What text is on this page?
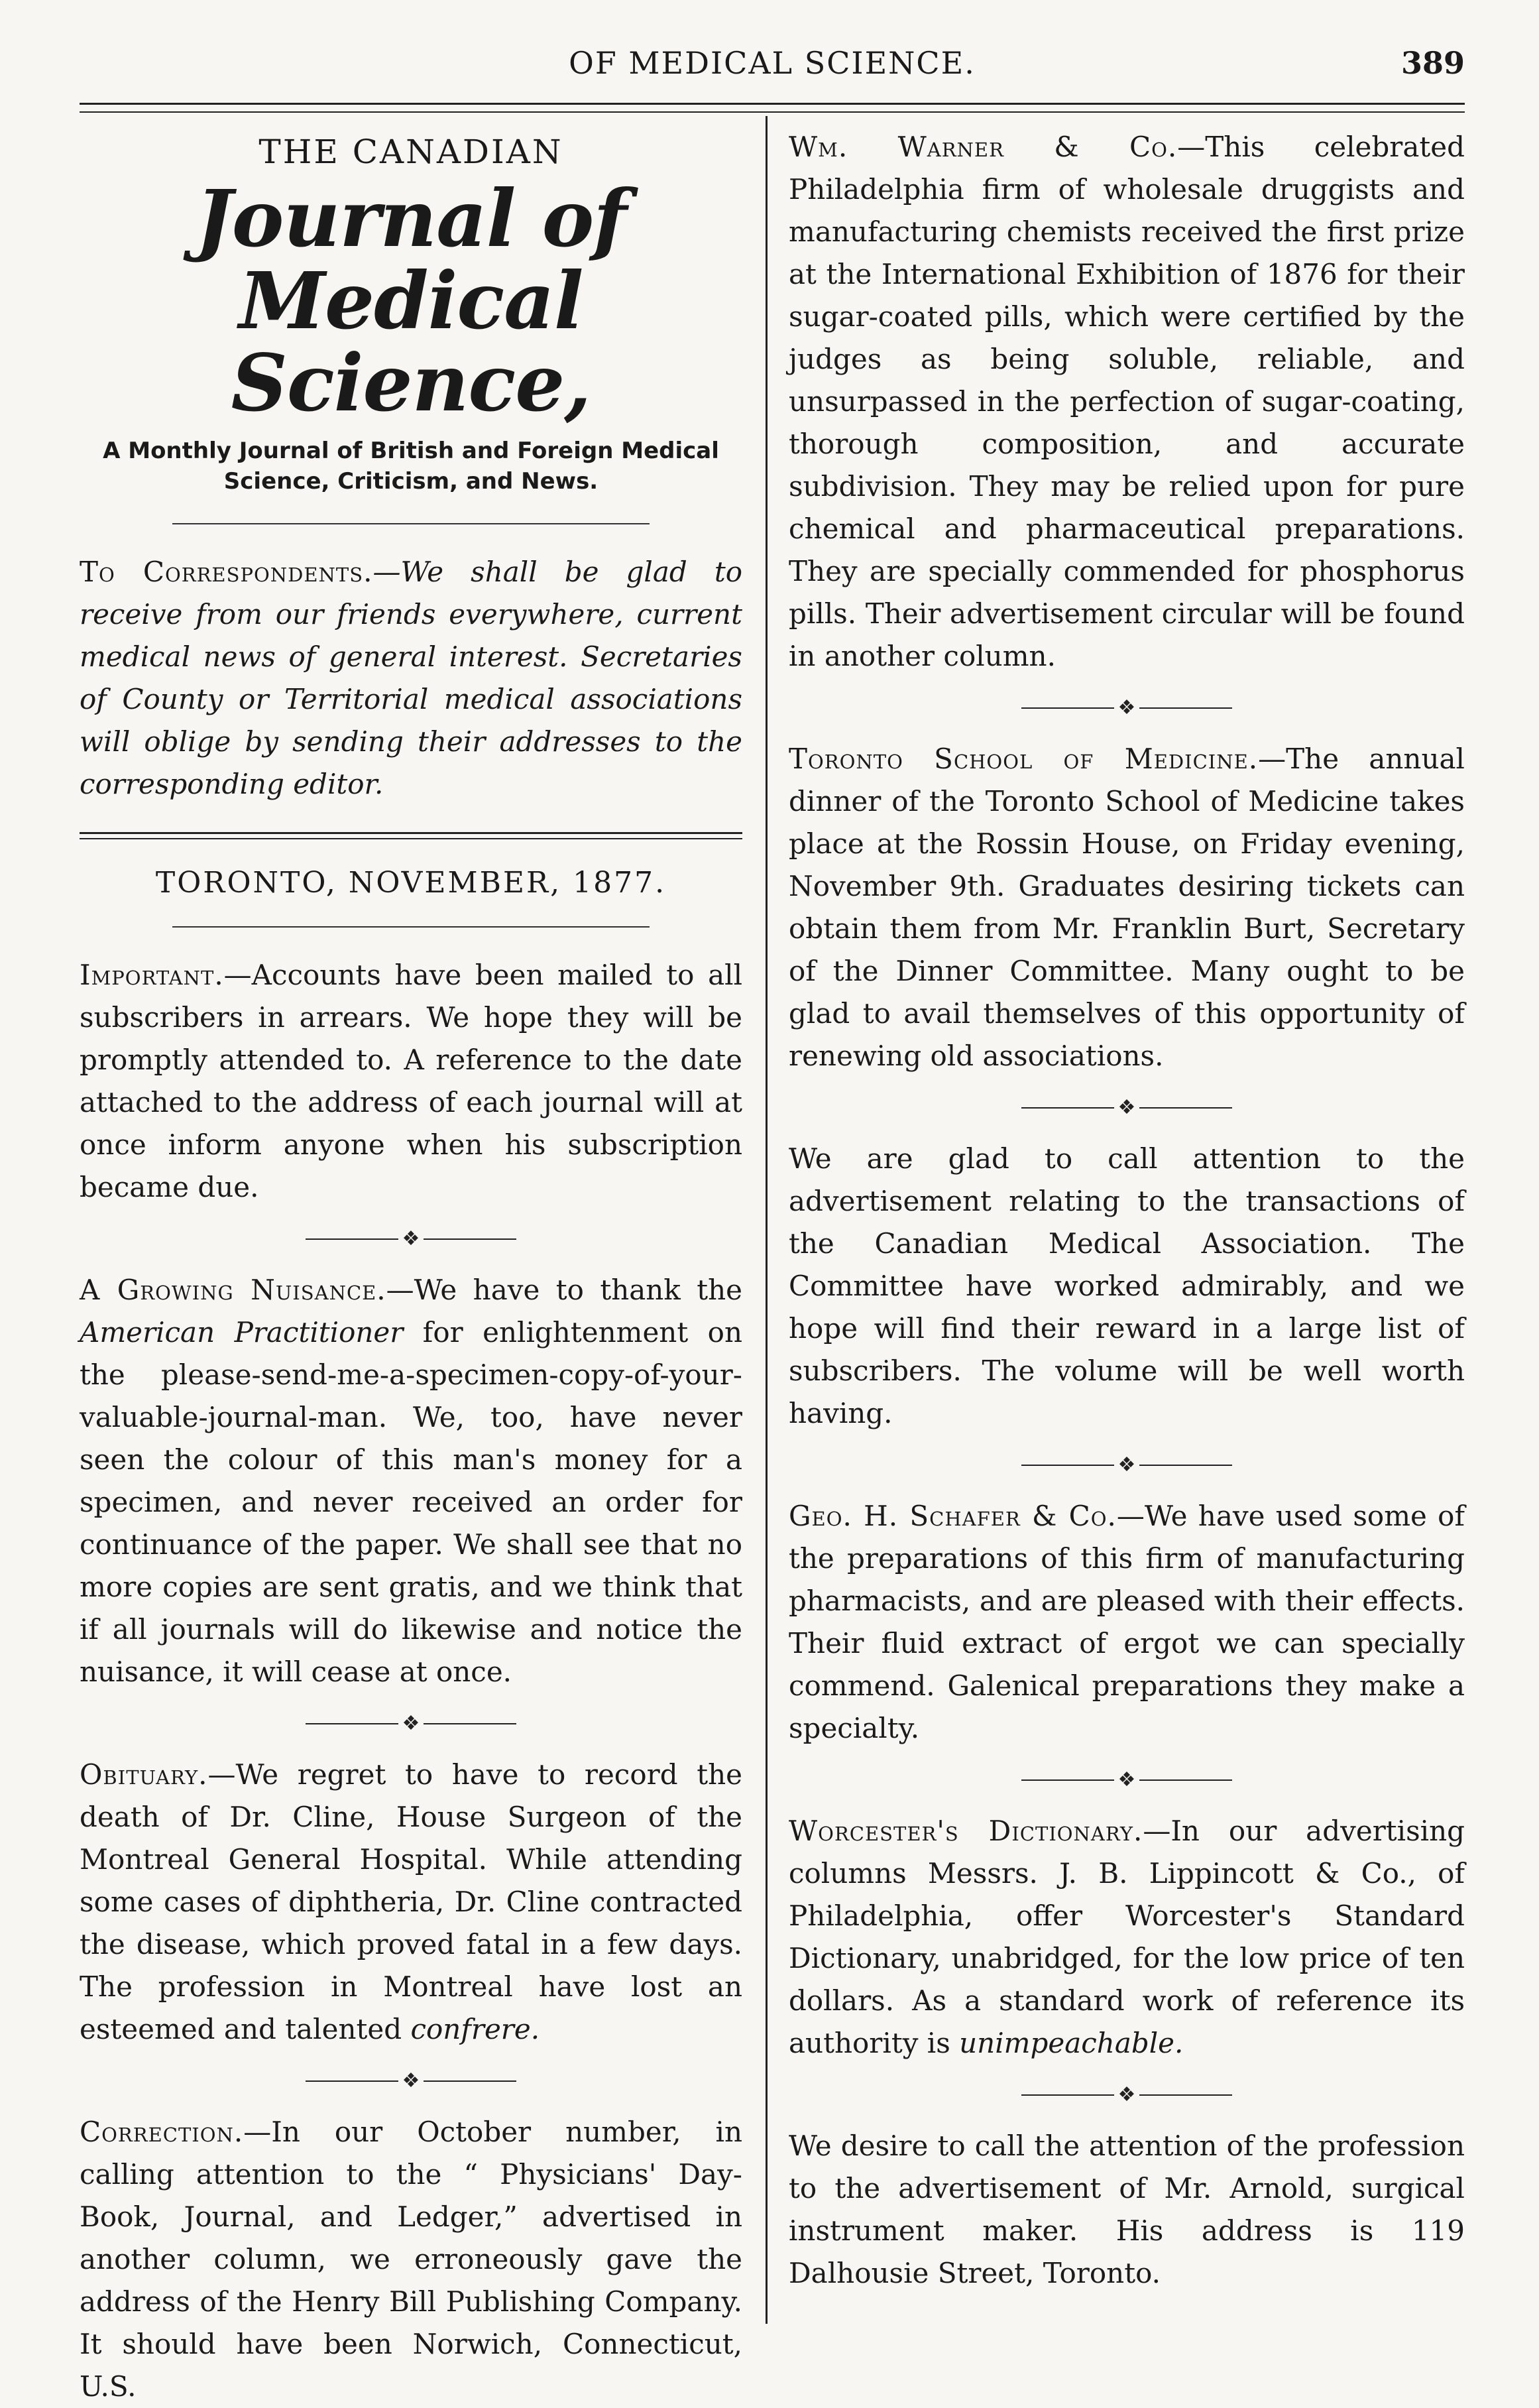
OF MEDICAL SCIENCE.	389
THE CANADIAN
Journal of Medical Science,
A Monthly Journal of British and Foreign Medical
Science, Criticism, and News.

To Correspondents.—We shall be glad to receive from our friends everywhere, current medical news of general interest. Secretaries of County or Territorial medical associations will oblige by sending their addresses to the corresponding editor.

TORONTO, NOVEMBER, 1877.

Important.—Accounts have been mailed to all subscribers in arrears. We hope they will be promptly attended to. A reference to the date attached to the address of each journal will at once inform anyone when his subscription became due.

❖

A Growing Nuisance.—We have to thank the American Practitioner for enlightenment on the please-send-me-a-specimen-copy-of-your-valuable-journal-man. We, too, have never seen the colour of this man's money for a specimen, and never received an order for continuance of the paper. We shall see that no more copies are sent gratis, and we think that if all journals will do likewise and notice the nuisance, it will cease at once.

❖

Obituary.—We regret to have to record the death of Dr. Cline, House Surgeon of the Montreal General Hospital. While attending some cases of diphtheria, Dr. Cline contracted the disease, which proved fatal in a few days. The profession in Montreal have lost an esteemed and talented confrere.

❖

Correction.—In our October number, in calling attention to the “ Physicians' Day-Book, Journal, and Ledger,” advertised in another column, we erroneously gave the address of the Henry Bill Publishing Company. It should have been Norwich, Connecticut, U.S.

Wm. Warner & Co.—This celebrated Philadelphia firm of wholesale druggists and manufacturing chemists received the first prize at the International Exhibition of 1876 for their sugar-coated pills, which were certified by the judges as being soluble, reliable, and unsurpassed in the perfection of sugar-coating, thorough composition, and accurate subdivision. They may be relied upon for pure chemical and pharmaceutical preparations. They are specially commended for phosphorus pills. Their advertisement circular will be found in another column.

❖

Toronto School of Medicine.—The annual dinner of the Toronto School of Medicine takes place at the Rossin House, on Friday evening, November 9th. Graduates desiring tickets can obtain them from Mr. Franklin Burt, Secretary of the Dinner Committee. Many ought to be glad to avail themselves of this opportunity of renewing old associations.

❖

We are glad to call attention to the advertisement relating to the transactions of the Canadian Medical Association. The Committee have worked admirably, and we hope will find their reward in a large list of subscribers. The volume will be well worth having.

❖

Geo. H. Schafer & Co.—We have used some of the preparations of this firm of manufacturing pharmacists, and are pleased with their effects. Their fluid extract of ergot we can specially commend. Galenical preparations they make a specialty.

❖

Worcester's Dictionary.—In our advertising columns Messrs. J. B. Lippincott & Co., of Philadelphia, offer Worcester's Standard Dictionary, unabridged, for the low price of ten dollars. As a standard work of reference its authority is unimpeachable.

❖

We desire to call the attention of the profession to the advertisement of Mr. Arnold, surgical instrument maker. His address is 119 Dalhousie Street, Toronto.
